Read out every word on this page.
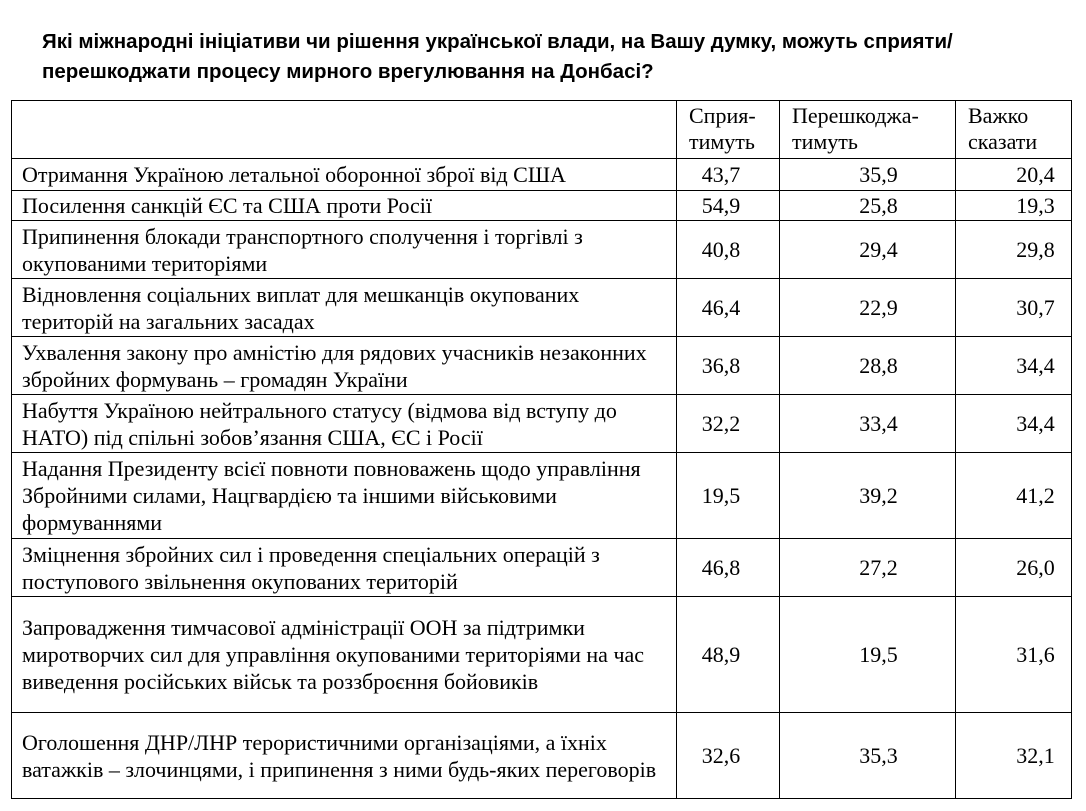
Які міжнародні ініціативи чи рішення української влади, на Вашу думку, можуть сприяти/перешкоджати процесу мирного врегулювання на Донбасі?
	Сприя-тимуть	Перешкоджа-тимуть	Важко сказати
Отримання Україною летальної оборонної зброї від США	43,7	35,9	20,4
Посилення санкцій ЄС та США проти Росії	54,9	25,8	19,3
Припинення блокади транспортного сполучення і торгівлі з окупованими територіями	40,8	29,4	29,8
Відновлення соціальних виплат для мешканців окупованих територій на загальних засадах	46,4	22,9	30,7
Ухвалення закону про амністію для рядових учасників незаконних збройних формувань – громадян України	36,8	28,8	34,4
Набуття Україною нейтрального статусу (відмова від вступу до НАТО) під спільні зобов’язання США, ЄС і Росії	32,2	33,4	34,4
Надання Президенту всієї повноти повноважень щодо управління Збройними силами, Нацгвардією та іншими військовими формуваннями	19,5	39,2	41,2
Зміцнення збройних сил і проведення спеціальних операцій з поступового звільнення окупованих територій	46,8	27,2	26,0
Запровадження тимчасової адміністрації ООН за підтримки миротворчих сил для управління окупованими територіями на час виведення російських військ та роззброєння бойовиків	48,9	19,5	31,6
Оголошення ДНР/ЛНР терористичними організаціями, а їхніх ватажків – злочинцями, і припинення з ними будь-яких переговорів	32,6	35,3	32,1
